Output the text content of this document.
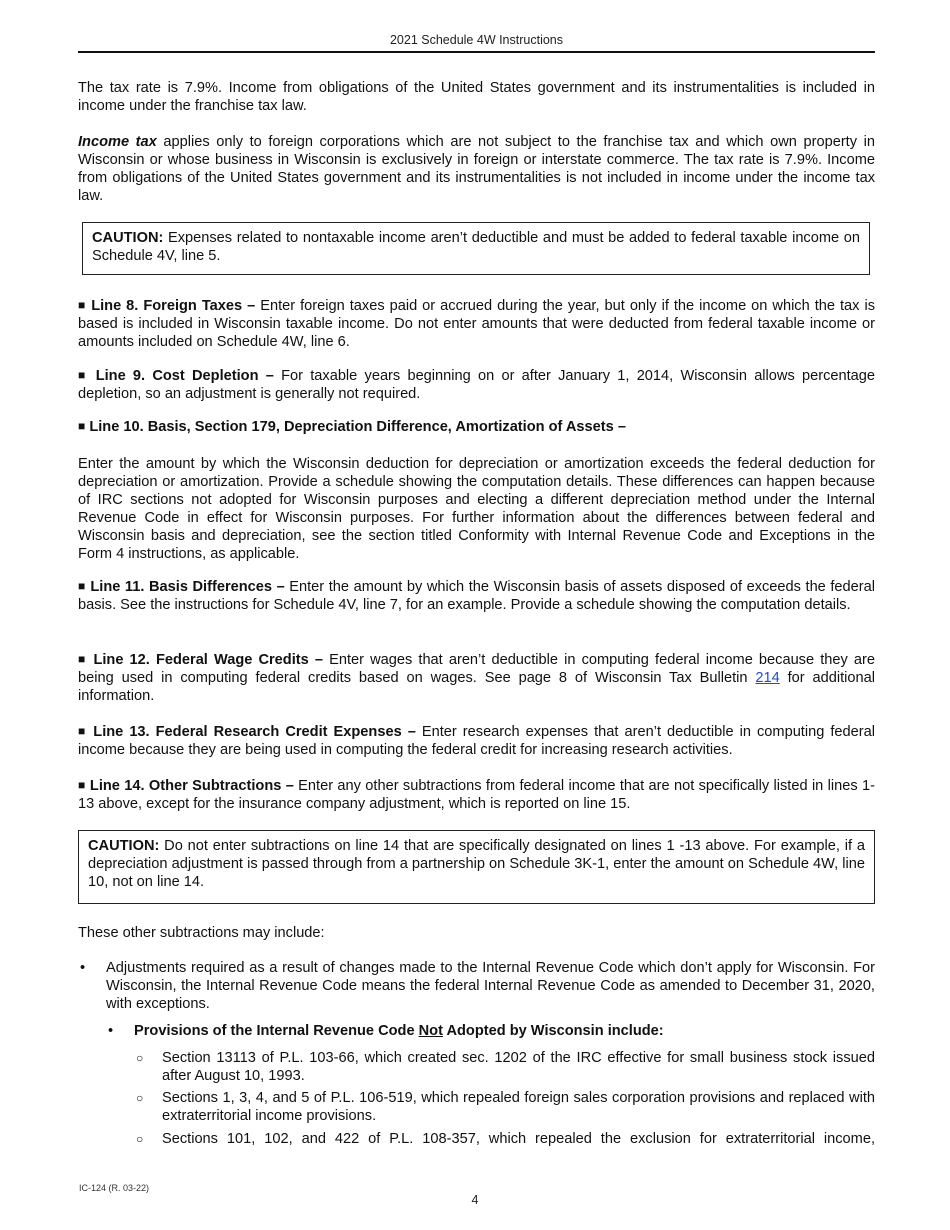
2021 Schedule 4W Instructions

The tax rate is 7.9%. Income from obligations of the United States government and its instrumentalities is included in income under the franchise tax law.

Income tax applies only to foreign corporations which are not subject to the franchise tax and which own property in Wisconsin or whose business in Wisconsin is exclusively in foreign or interstate commerce. The tax rate is 7.9%. Income from obligations of the United States government and its instrumentalities is not included in income under the income tax law.

CAUTION: Expenses related to nontaxable income aren’t deductible and must be added to federal taxable income on Schedule 4V, line 5.

■ Line 8. Foreign Taxes – Enter foreign taxes paid or accrued during the year, but only if the income on which the tax is based is included in Wisconsin taxable income. Do not enter amounts that were deducted from federal taxable income or amounts included on Schedule 4W, line 6.

■ Line 9. Cost Depletion – For taxable years beginning on or after January 1, 2014, Wisconsin allows percentage depletion, so an adjustment is generally not required.

■ Line 10. Basis, Section 179, Depreciation Difference, Amortization of Assets –

Enter the amount by which the Wisconsin deduction for depreciation or amortization exceeds the federal deduction for depreciation or amortization. Provide a schedule showing the computation details. These differences can happen because of IRC sections not adopted for Wisconsin purposes and electing a different depreciation method under the Internal Revenue Code in effect for Wisconsin purposes. For further information about the differences between federal and Wisconsin basis and depreciation, see the section titled Conformity with Internal Revenue Code and Exceptions in the Form 4 instructions, as applicable.

■ Line 11. Basis Differences – Enter the amount by which the Wisconsin basis of assets disposed of exceeds the federal basis. See the instructions for Schedule 4V, line 7, for an example. Provide a schedule showing the computation details.

■ Line 12. Federal Wage Credits – Enter wages that aren’t deductible in computing federal income because they are being used in computing federal credits based on wages. See page 8 of Wisconsin Tax Bulletin 214 for additional information.

■ Line 13. Federal Research Credit Expenses – Enter research expenses that aren’t deductible in computing federal income because they are being used in computing the federal credit for increasing research activities.

■ Line 14. Other Subtractions – Enter any other subtractions from federal income that are not specifically listed in lines 1-13 above, except for the insurance company adjustment, which is reported on line 15.

CAUTION: Do not enter subtractions on line 14 that are specifically designated on lines 1 -13 above. For example, if a depreciation adjustment is passed through from a partnership on Schedule 3K-1, enter the amount on Schedule 4W, line 10, not on line 14.

These other subtractions may include:

• Adjustments required as a result of changes made to the Internal Revenue Code which don’t apply for Wisconsin. For Wisconsin, the Internal Revenue Code means the federal Internal Revenue Code as amended to December 31, 2020, with exceptions.
• Provisions of the Internal Revenue Code Not Adopted by Wisconsin include:
○ Section 13113 of P.L. 103-66, which created sec. 1202 of the IRC effective for small business stock issued after August 10, 1993.
○ Sections 1, 3, 4, and 5 of P.L. 106-519, which repealed foreign sales corporation provisions and replaced with extraterritorial income provisions.
○ Sections 101, 102, and 422 of P.L. 108-357, which repealed the exclusion for extraterritorial income,
IC-124 (R. 03-22)
4
